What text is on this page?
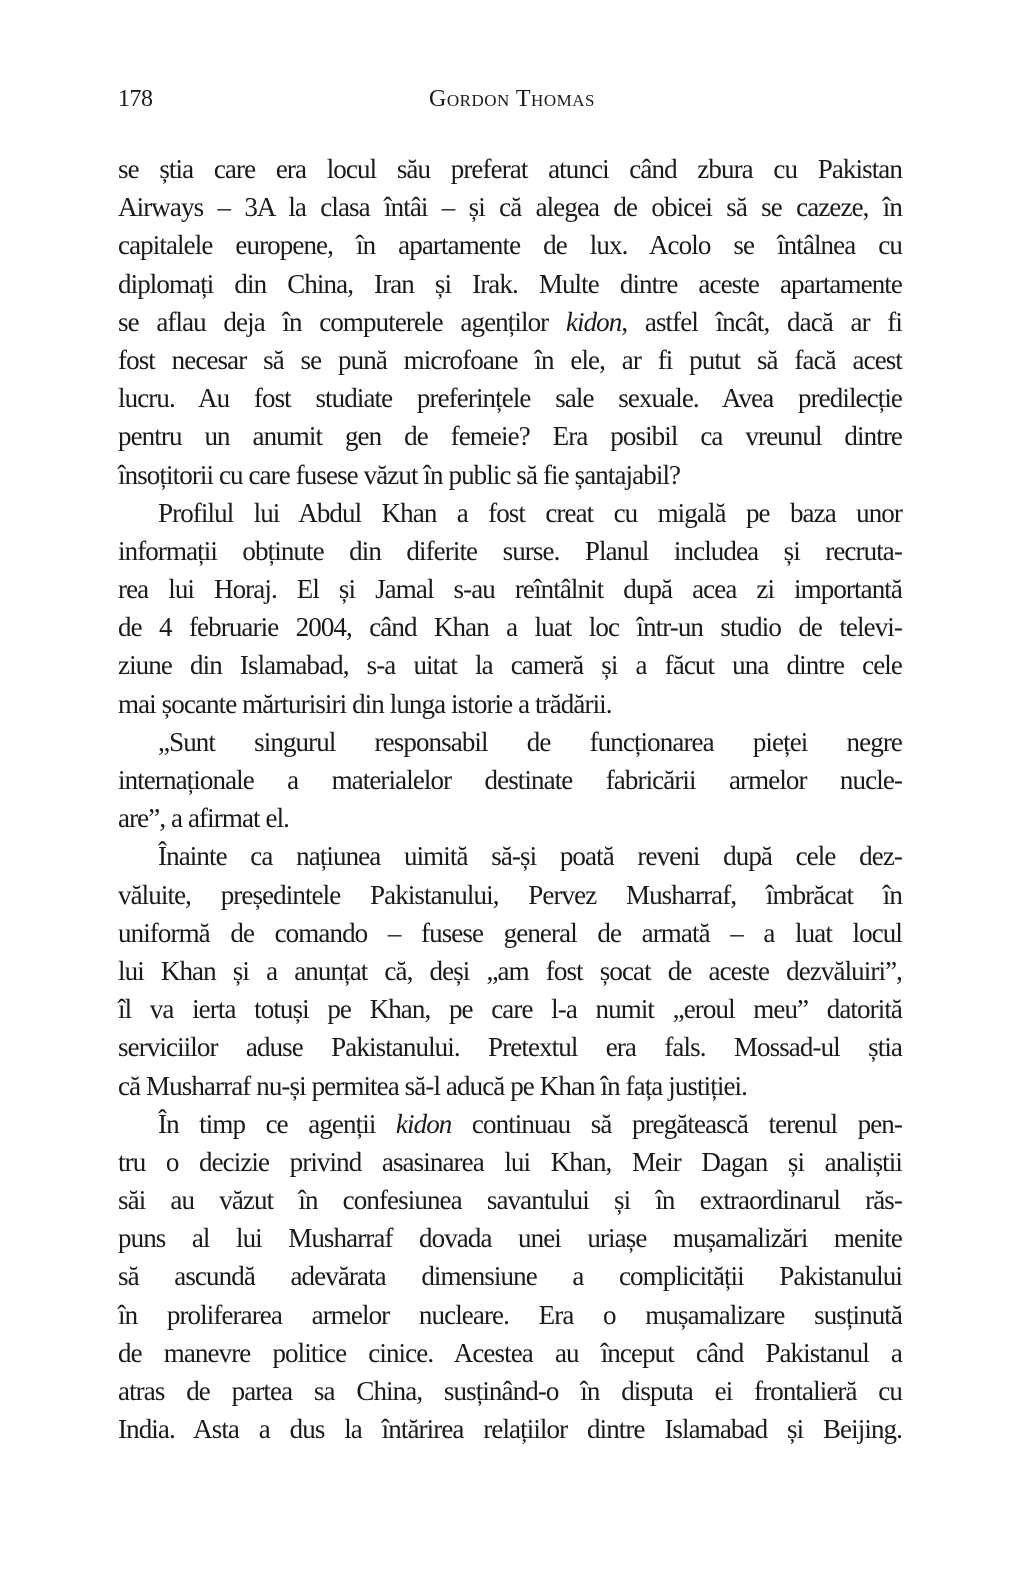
178	Gordon Thomas
se știa care era locul său preferat atunci când zbura cu Pakistan
Airways – 3A la clasa întâi – și că alegea de obicei să se cazeze, în
capitalele europene, în apartamente de lux. Acolo se întâlnea cu
diplomați din China, Iran și Irak. Multe dintre aceste apartamente
se aflau deja în computerele agenților kidon, astfel încât, dacă ar fi
fost necesar să se pună microfoane în ele, ar fi putut să facă acest
lucru. Au fost studiate preferințele sale sexuale. Avea predilecție
pentru un anumit gen de femeie? Era posibil ca vreunul dintre
însoțitorii cu care fusese văzut în public să fie șantajabil?
Profilul lui Abdul Khan a fost creat cu migală pe baza unor
informații obținute din diferite surse. Planul includea și recruta-
rea lui Horaj. El și Jamal s-au reîntâlnit după acea zi importantă
de 4 februarie 2004, când Khan a luat loc într-un studio de televi-
ziune din Islamabad, s-a uitat la cameră și a făcut una dintre cele
mai șocante mărturisiri din lunga istorie a trădării.
„Sunt singurul responsabil de funcționarea pieței negre
internaționale a materialelor destinate fabricării armelor nucle-
are”, a afirmat el.
Înainte ca națiunea uimită să-și poată reveni după cele dez-
văluite, președintele Pakistanului, Pervez Musharraf, îmbrăcat în
uniformă de comando – fusese general de armată – a luat locul
lui Khan și a anunțat că, deși „am fost șocat de aceste dezvăluiri”,
îl va ierta totuși pe Khan, pe care l-a numit „eroul meu” datorită
serviciilor aduse Pakistanului. Pretextul era fals. Mossad-ul știa
că Musharraf nu-și permitea să-l aducă pe Khan în fața justiției.
În timp ce agenții kidon continuau să pregătească terenul pen-
tru o decizie privind asasinarea lui Khan, Meir Dagan și analiștii
săi au văzut în confesiunea savantului și în extraordinarul răs-
puns al lui Musharraf dovada unei uriașe mușamalizări menite
să ascundă adevărata dimensiune a complicității Pakistanului
în proliferarea armelor nucleare. Era o mușamalizare susținută
de manevre politice cinice. Acestea au început când Pakistanul a
atras de partea sa China, susținând-o în disputa ei frontalieră cu
India. Asta a dus la întărirea relațiilor dintre Islamabad și Beijing.
